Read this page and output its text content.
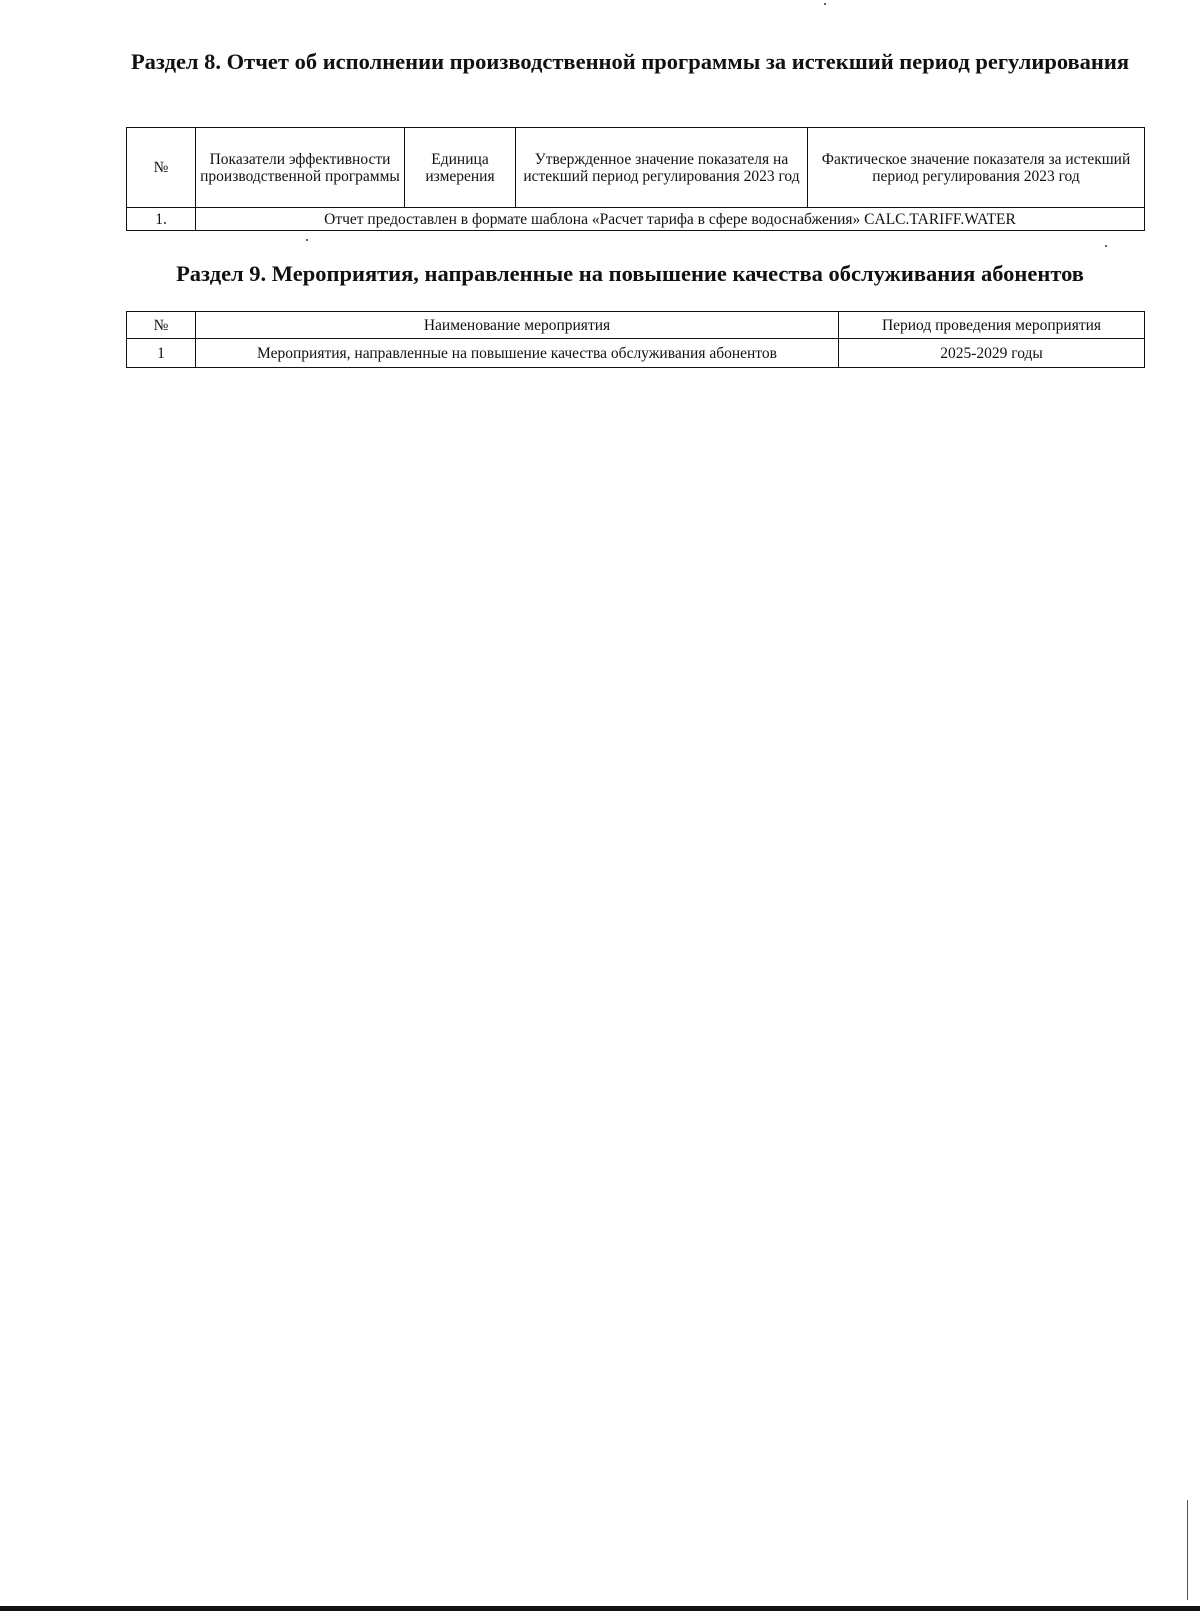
Раздел 8. Отчет об исполнении производственной программы за истекший период регулирования
№	Показатели эффективности производственной программы	Единица измерения	Утвержденное значение показателя на истекший период регулирования 2023 год	Фактическое значение показателя за истекший период регулирования 2023 год
1.	Отчет предоставлен в формате шаблона «Расчет тарифа в сфере водоснабжения» CALC.TARIFF.WATER			
Раздел 9. Мероприятия, направленные на повышение качества обслуживания абонентов
№	Наименование мероприятия	Период проведения мероприятия
1	Мероприятия, направленные на повышение качества обслуживания абонентов	2025-2029 годы
